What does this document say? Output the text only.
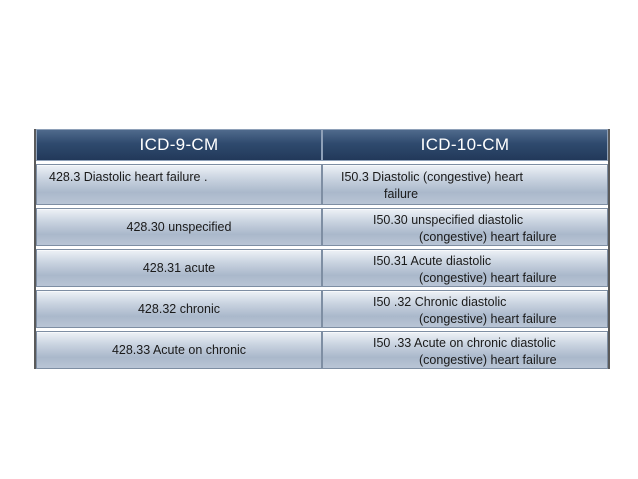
ICD-9-CM	ICD-10-CM
428.3 Diastolic heart failure .	I50.3 Diastolic (congestive) heart
failure
428.30 unspecified	I50.30 unspecified diastolic
(congestive) heart failure
428.31 acute	I50.31 Acute diastolic
(congestive) heart failure
428.32 chronic	I50 .32 Chronic diastolic
(congestive) heart failure
428.33 Acute on chronic	I50 .33 Acute on chronic diastolic
(congestive) heart failure
